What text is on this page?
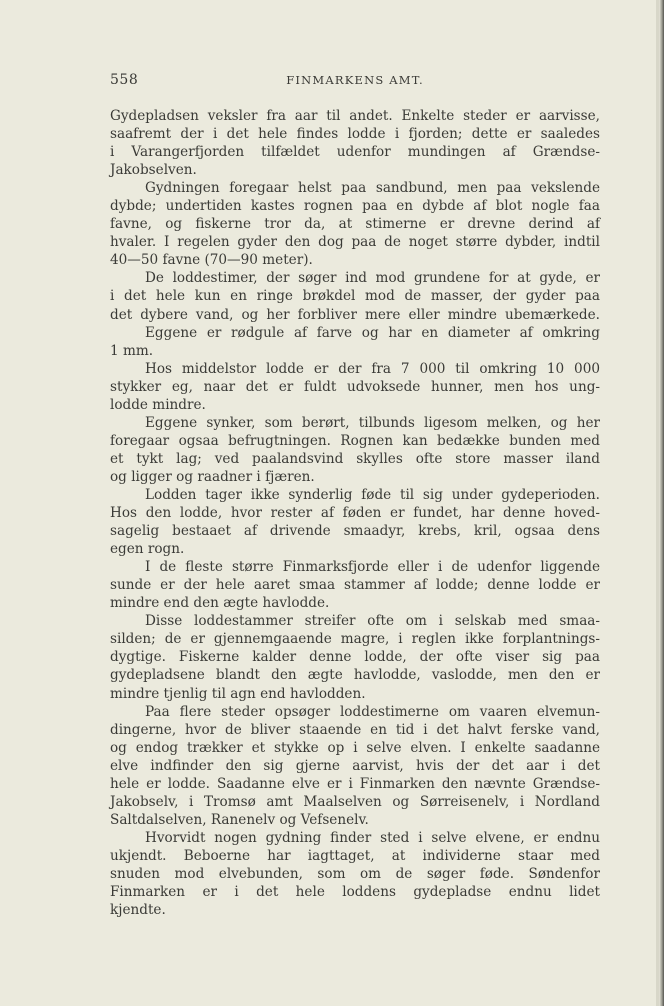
558	FINMARKENS AMT.
Gydepladsen veksler fra aar til andet. Enkelte steder er aarvisse,
saafremt der i det hele findes lodde i fjorden; dette er saaledes
i Varangerfjorden tilfældet udenfor mundingen af Grændse-
Jakobselven.
Gydningen foregaar helst paa sandbund, men paa vekslende
dybde; undertiden kastes rognen paa en dybde af blot nogle faa
favne, og fiskerne tror da, at stimerne er drevne derind af
hvaler. I regelen gyder den dog paa de noget større dybder, indtil
40—50 favne (70—90 meter).
De loddestimer, der søger ind mod grundene for at gyde, er
i det hele kun en ringe brøkdel mod de masser, der gyder paa
det dybere vand, og her forbliver mere eller mindre ubemærkede.
Eggene er rødgule af farve og har en diameter af omkring
1 mm.
Hos middelstor lodde er der fra 7 000 til omkring 10 000
stykker eg, naar det er fuldt udvoksede hunner, men hos ung-
lodde mindre.
Eggene synker, som berørt, tilbunds ligesom melken, og her
foregaar ogsaa befrugtningen. Rognen kan bedække bunden med
et tykt lag; ved paalandsvind skylles ofte store masser iland
og ligger og raadner i fjæren.
Lodden tager ikke synderlig føde til sig under gydeperioden.
Hos den lodde, hvor rester af føden er fundet, har denne hoved-
sagelig bestaaet af drivende smaadyr, krebs, kril, ogsaa dens
egen rogn.
I de fleste større Finmarksfjorde eller i de udenfor liggende
sunde er der hele aaret smaa stammer af lodde; denne lodde er
mindre end den ægte havlodde.
Disse loddestammer streifer ofte om i selskab med smaa-
silden; de er gjennemgaaende magre, i reglen ikke forplantnings-
dygtige. Fiskerne kalder denne lodde, der ofte viser sig paa
gydepladsene blandt den ægte havlodde, vaslodde, men den er
mindre tjenlig til agn end havlodden.
Paa flere steder opsøger loddestimerne om vaaren elvemun-
dingerne, hvor de bliver staaende en tid i det halvt ferske vand,
og endog trækker et stykke op i selve elven. I enkelte saadanne
elve indfinder den sig gjerne aarvist, hvis der det aar i det
hele er lodde. Saadanne elve er i Finmarken den nævnte Grændse-
Jakobselv, i Tromsø amt Maalselven og Sørreisenelv, i Nordland
Saltdalselven, Ranenelv og Vefsenelv.
Hvorvidt nogen gydning finder sted i selve elvene, er endnu
ukjendt. Beboerne har iagttaget, at individerne staar med
snuden mod elvebunden, som om de søger føde. Søndenfor
Finmarken er i det hele loddens gydepladse endnu lidet
kjendte.
